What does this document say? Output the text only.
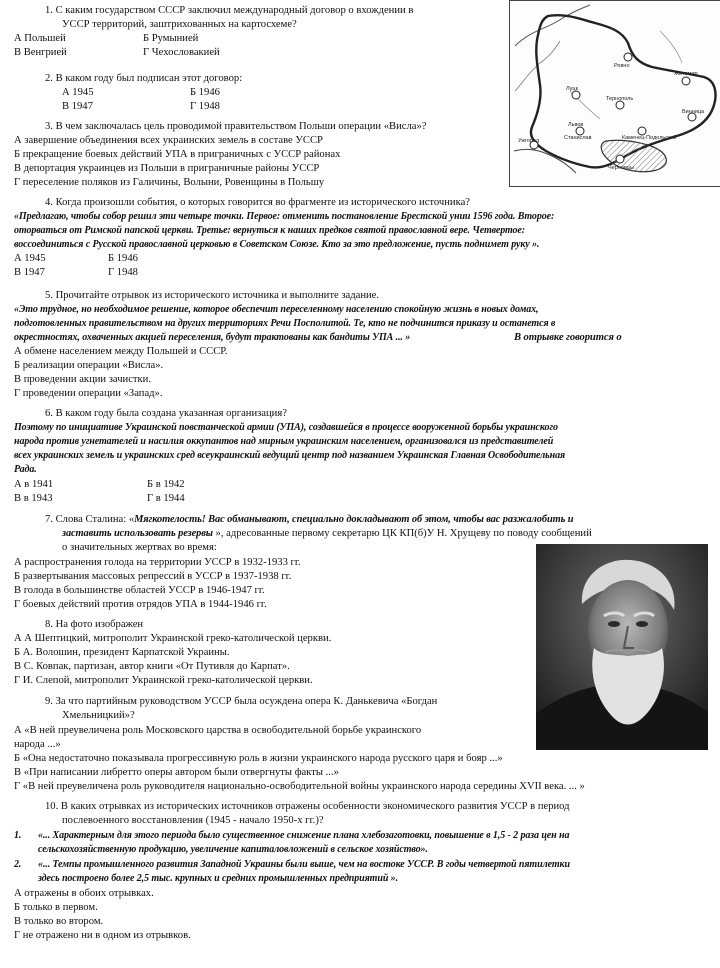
1. С каким государством СССР заключил международный договор о вхождении в
УССР территорий, заштрихованных на картосхеме?
А Польшей	Б Румынией
В Венгрией	Г Чехословакией
Ровно
Житомир
Луцк
Тернополь
Винница
Львов
Каменец-Подольский
Станислав
Ужгород
Черновцы
2. В каком году был подписан этот договор:
А 1945	Б 1946
В 1947	Г 1948
3. В чем заключалась цель проводимой правительством Польши операции «Висла»?
А завершение объединения всех украинских земель в составе УССР
Б прекращение боевых действий УПА в приграничных с УССР районах
В депортация украинцев из Польши в приграничные районы УССР
Г переселение поляков из Галичины, Волыни, Ровенщины в Польшу
4. Когда произошли события, о которых говорится во фрагменте из исторического источника?
«Предлагаю, чтобы собор решил эти четыре точки. Первое: отменить постановление Брестской унии 1596 года. Второе:
оторваться от Римской папской церкви. Третье: вернуться к наших предков святой православной вере. Четвертое:
воссоединиться с Русской православной церковью в Советском Союзе. Кто за это предложение, пусть поднимет руку ».
А 1945	Б 1946
В 1947	Г 1948
5. Прочитайте отрывок из исторического источника и выполните задание.
«Это трудное, но необходимое решение, которое обеспечит переселенному населению спокойную жизнь в новых домах,
подготовленных правительством на других территориях Речи Посполитой. Те, кто не подчинится приказу и останется в
окрестностях, охваченных акцией переселения, будут трактованы как бандиты УПА ... »	В отрывке говорится о
А обмене населением между Польшей и СССР.
Б реализации операции «Висла».
В проведении акции зачистки.
Г проведении операции «Запад».
6. В каком году была создана указанная организация?
Поэтому по инициативе Украинской повстанческой армии (УПА), создавшейся в процессе вооруженной борьбы украинского
народа против угнетателей и насилия оккупантов над мирным украинским населением, организовался из представителей
всех украинских земель и украинских сред всеукраинский ведущий центр под названием Украинская Главная Освободительная
Рада.
А в 1941	Б в 1942
В в 1943	Г в 1944
7. Слова Сталина: «Мягкотелость! Вас обманывают, специально докладывают об этом, чтобы вас разжалобить и
заставить использовать резервы », адресованные первому секретарю ЦК КП(б)У Н. Хрущеву по поводу сообщений
о значительных жертвах во время:
А распространения голода на территории УССР в 1932-1933 гг.
Б развертывания массовых репрессий в УССР в 1937-1938 гг.
В голода в большинстве областей УССР в 1946-1947 гг.
Г боевых действий против отрядов УПА в 1944-1946 гг.
8. На фото изображен
А А Шептицкий, митрополит Украинской греко-католической церкви.
Б А. Волошин, президент Карпатской Украины.
В С. Ковпак, партизан, автор книги «От Путивля до Карпат».
Г И. Слепой, митрополит Украинской греко-католической церкви.
9. За что партийным руководством УССР была осуждена опера К. Данькевича «Богдан
Хмельницкий»?
А «В ней преувеличена роль Московского царства в освободительной борьбе украинского
народа ...»
Б «Она недостаточно показывала прогрессивную роль в жизни украинского народа русского царя и бояр ...»
В «При написании либретто оперы автором были отвергнуты факты ...»
Г «В ней преувеличена роль руководителя национально-освободительной войны украинского народа середины XVII века. ... »
10. В каких отрывках из исторических источников отражены особенности экономического развития УССР в период
послевоенного восстановления (1945 - начало 1950-х гг.)?
1. «... Характерным для этого периода было существенное снижение плана хлебозаготовки, повышение в 1,5 - 2 раза цен на
сельскохозяйственную продукцию, увеличение капиталовложений в сельское хозяйство».
2. «... Темпы промышленного развития Западной Украины были выше, чем на востоке УССР. В годы четвертой пятилетки
здесь построено более 2,5 тыс. крупных и средних промышленных предприятий ».
А отражены в обоих отрывках.
Б только в первом.
В только во втором.
Г не отражено ни в одном из отрывков.
